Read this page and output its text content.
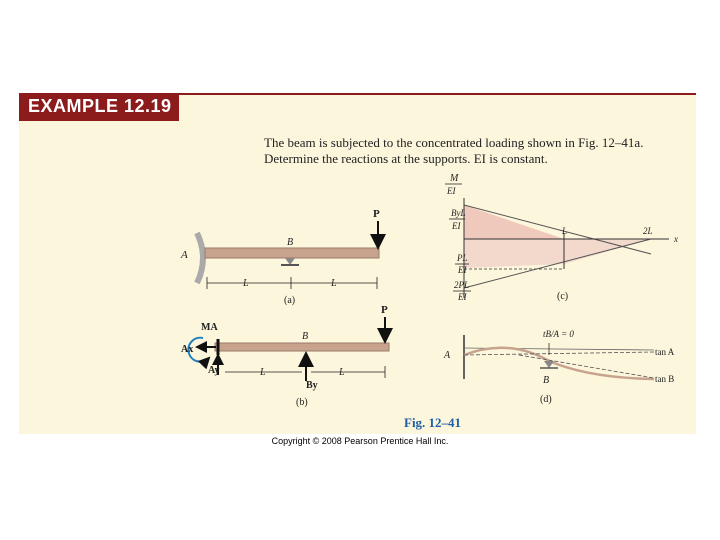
EXAMPLE 12.19
The beam is subjected to the concentrated loading shown in Fig. 12–41a.
Determine the reactions at the supports. EI is constant.
P
A
B
L	L
(a)
P
MA
Ax
Ay
By
B
L	L
(b)
M
EI
ByL
EI
PL
EI
2PL
EI
L	2L
x
(c)
tB/A = 0
A
B
tan A
tan B
(d)
Fig. 12–41
Copyright © 2008 Pearson Prentice Hall Inc.
